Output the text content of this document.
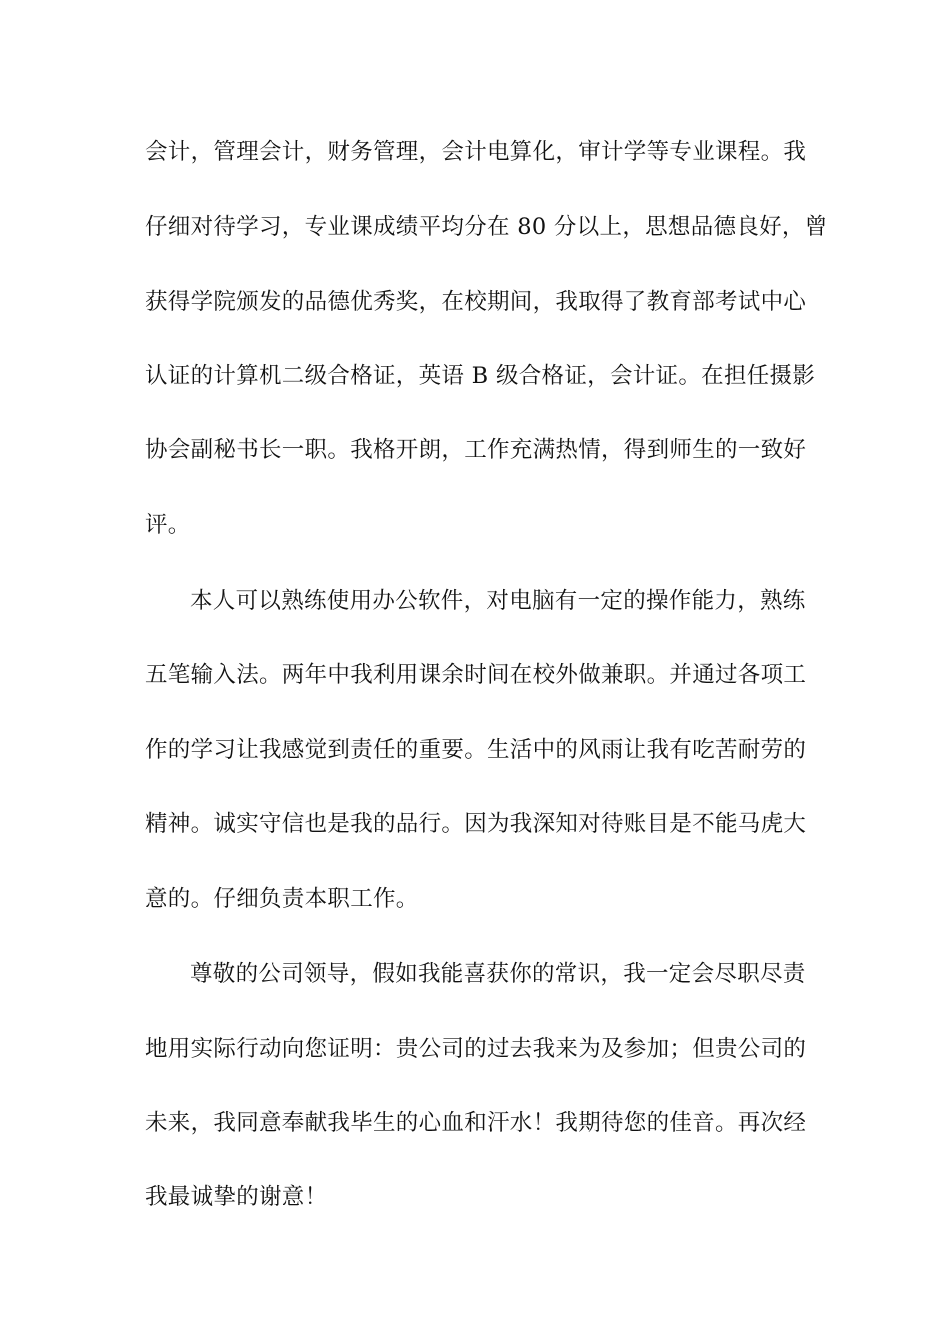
会计，管理会计，财务管理，会计电算化，审计学等专业课程。我
仔细对待学习，专业课成绩平均分在 80 分以上，思想品德良好，曾
获得学院颁发的品德优秀奖，在校期间，我取得了教育部考试中心
认证的计算机二级合格证，英语 B 级合格证，会计证。在担任摄影
协会副秘书长一职。我格开朗，工作充满热情，得到师生的一致好
评。
本人可以熟练使用办公软件，对电脑有一定的操作能力，熟练
五笔输入法。两年中我利用课余时间在校外做兼职。并通过各项工
作的学习让我感觉到责任的重要。生活中的风雨让我有吃苦耐劳的
精神。诚实守信也是我的品行。因为我深知对待账目是不能马虎大
意的。仔细负责本职工作。
尊敬的公司领导，假如我能喜获你的常识，我一定会尽职尽责
地用实际行动向您证明：贵公司的过去我来为及参加；但贵公司的
未来，我同意奉献我毕生的心血和汗水！我期待您的佳音。再次经
我最诚挚的谢意！
